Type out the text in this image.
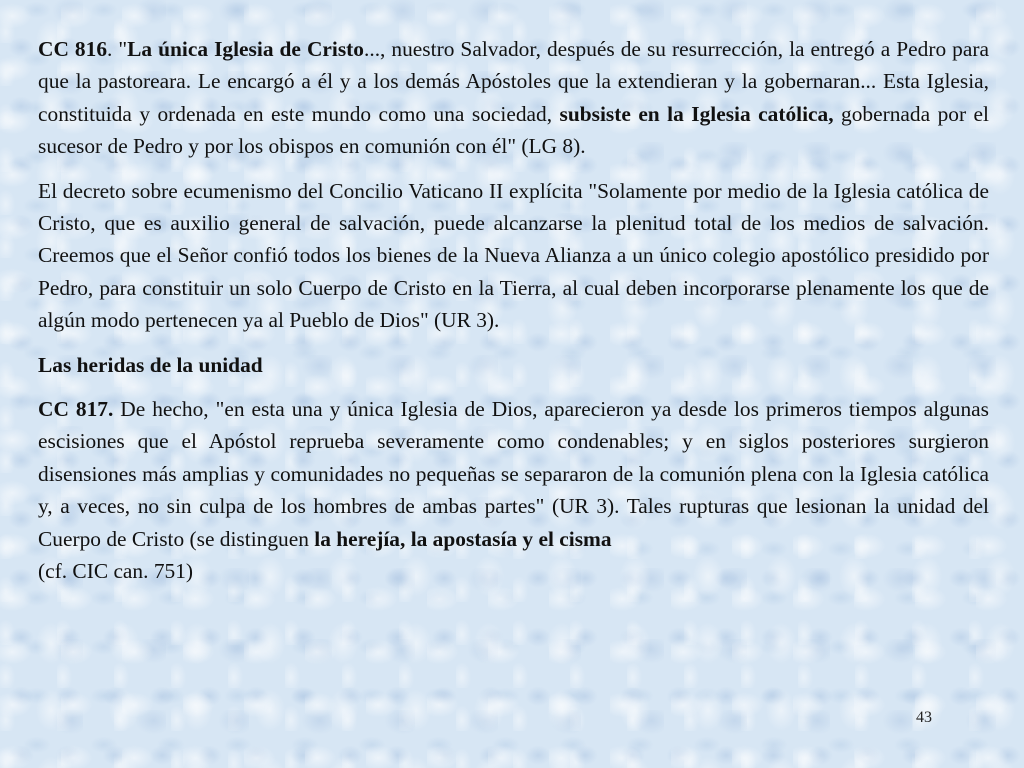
CC 816. "La única Iglesia de Cristo..., nuestro Salvador, después de su resurrección, la entregó a Pedro para que la pastoreara. Le encargó a él y a los demás Apóstoles que la extendieran y la gobernaran... Esta Iglesia, constituida y ordenada en este mundo como una sociedad, subsiste en la Iglesia católica, gobernada por el sucesor de Pedro y por los obispos en comunión con él" (LG 8).

El decreto sobre ecumenismo del Concilio Vaticano II explícita "Solamente por medio de la Iglesia católica de Cristo, que es auxilio general de salvación, puede alcanzarse la plenitud total de los medios de salvación. Creemos que el Señor confió todos los bienes de la Nueva Alianza a un único colegio apostólico presidido por Pedro, para constituir un solo Cuerpo de Cristo en la Tierra, al cual deben incorporarse plenamente los que de algún modo pertenecen ya al Pueblo de Dios" (UR 3).

Las heridas de la unidad

CC 817. De hecho, "en esta una y única Iglesia de Dios, aparecieron ya desde los primeros tiempos algunas escisiones que el Apóstol reprueba severamente como condenables; y en siglos posteriores surgieron disensiones más amplias y comunidades no pequeñas se separaron de la comunión plena con la Iglesia católica y, a veces, no sin culpa de los hombres de ambas partes" (UR 3). Tales rupturas que lesionan la unidad del Cuerpo de Cristo (se distinguen la herejía, la apostasía y el cisma
(cf. CIC can. 751)

43
